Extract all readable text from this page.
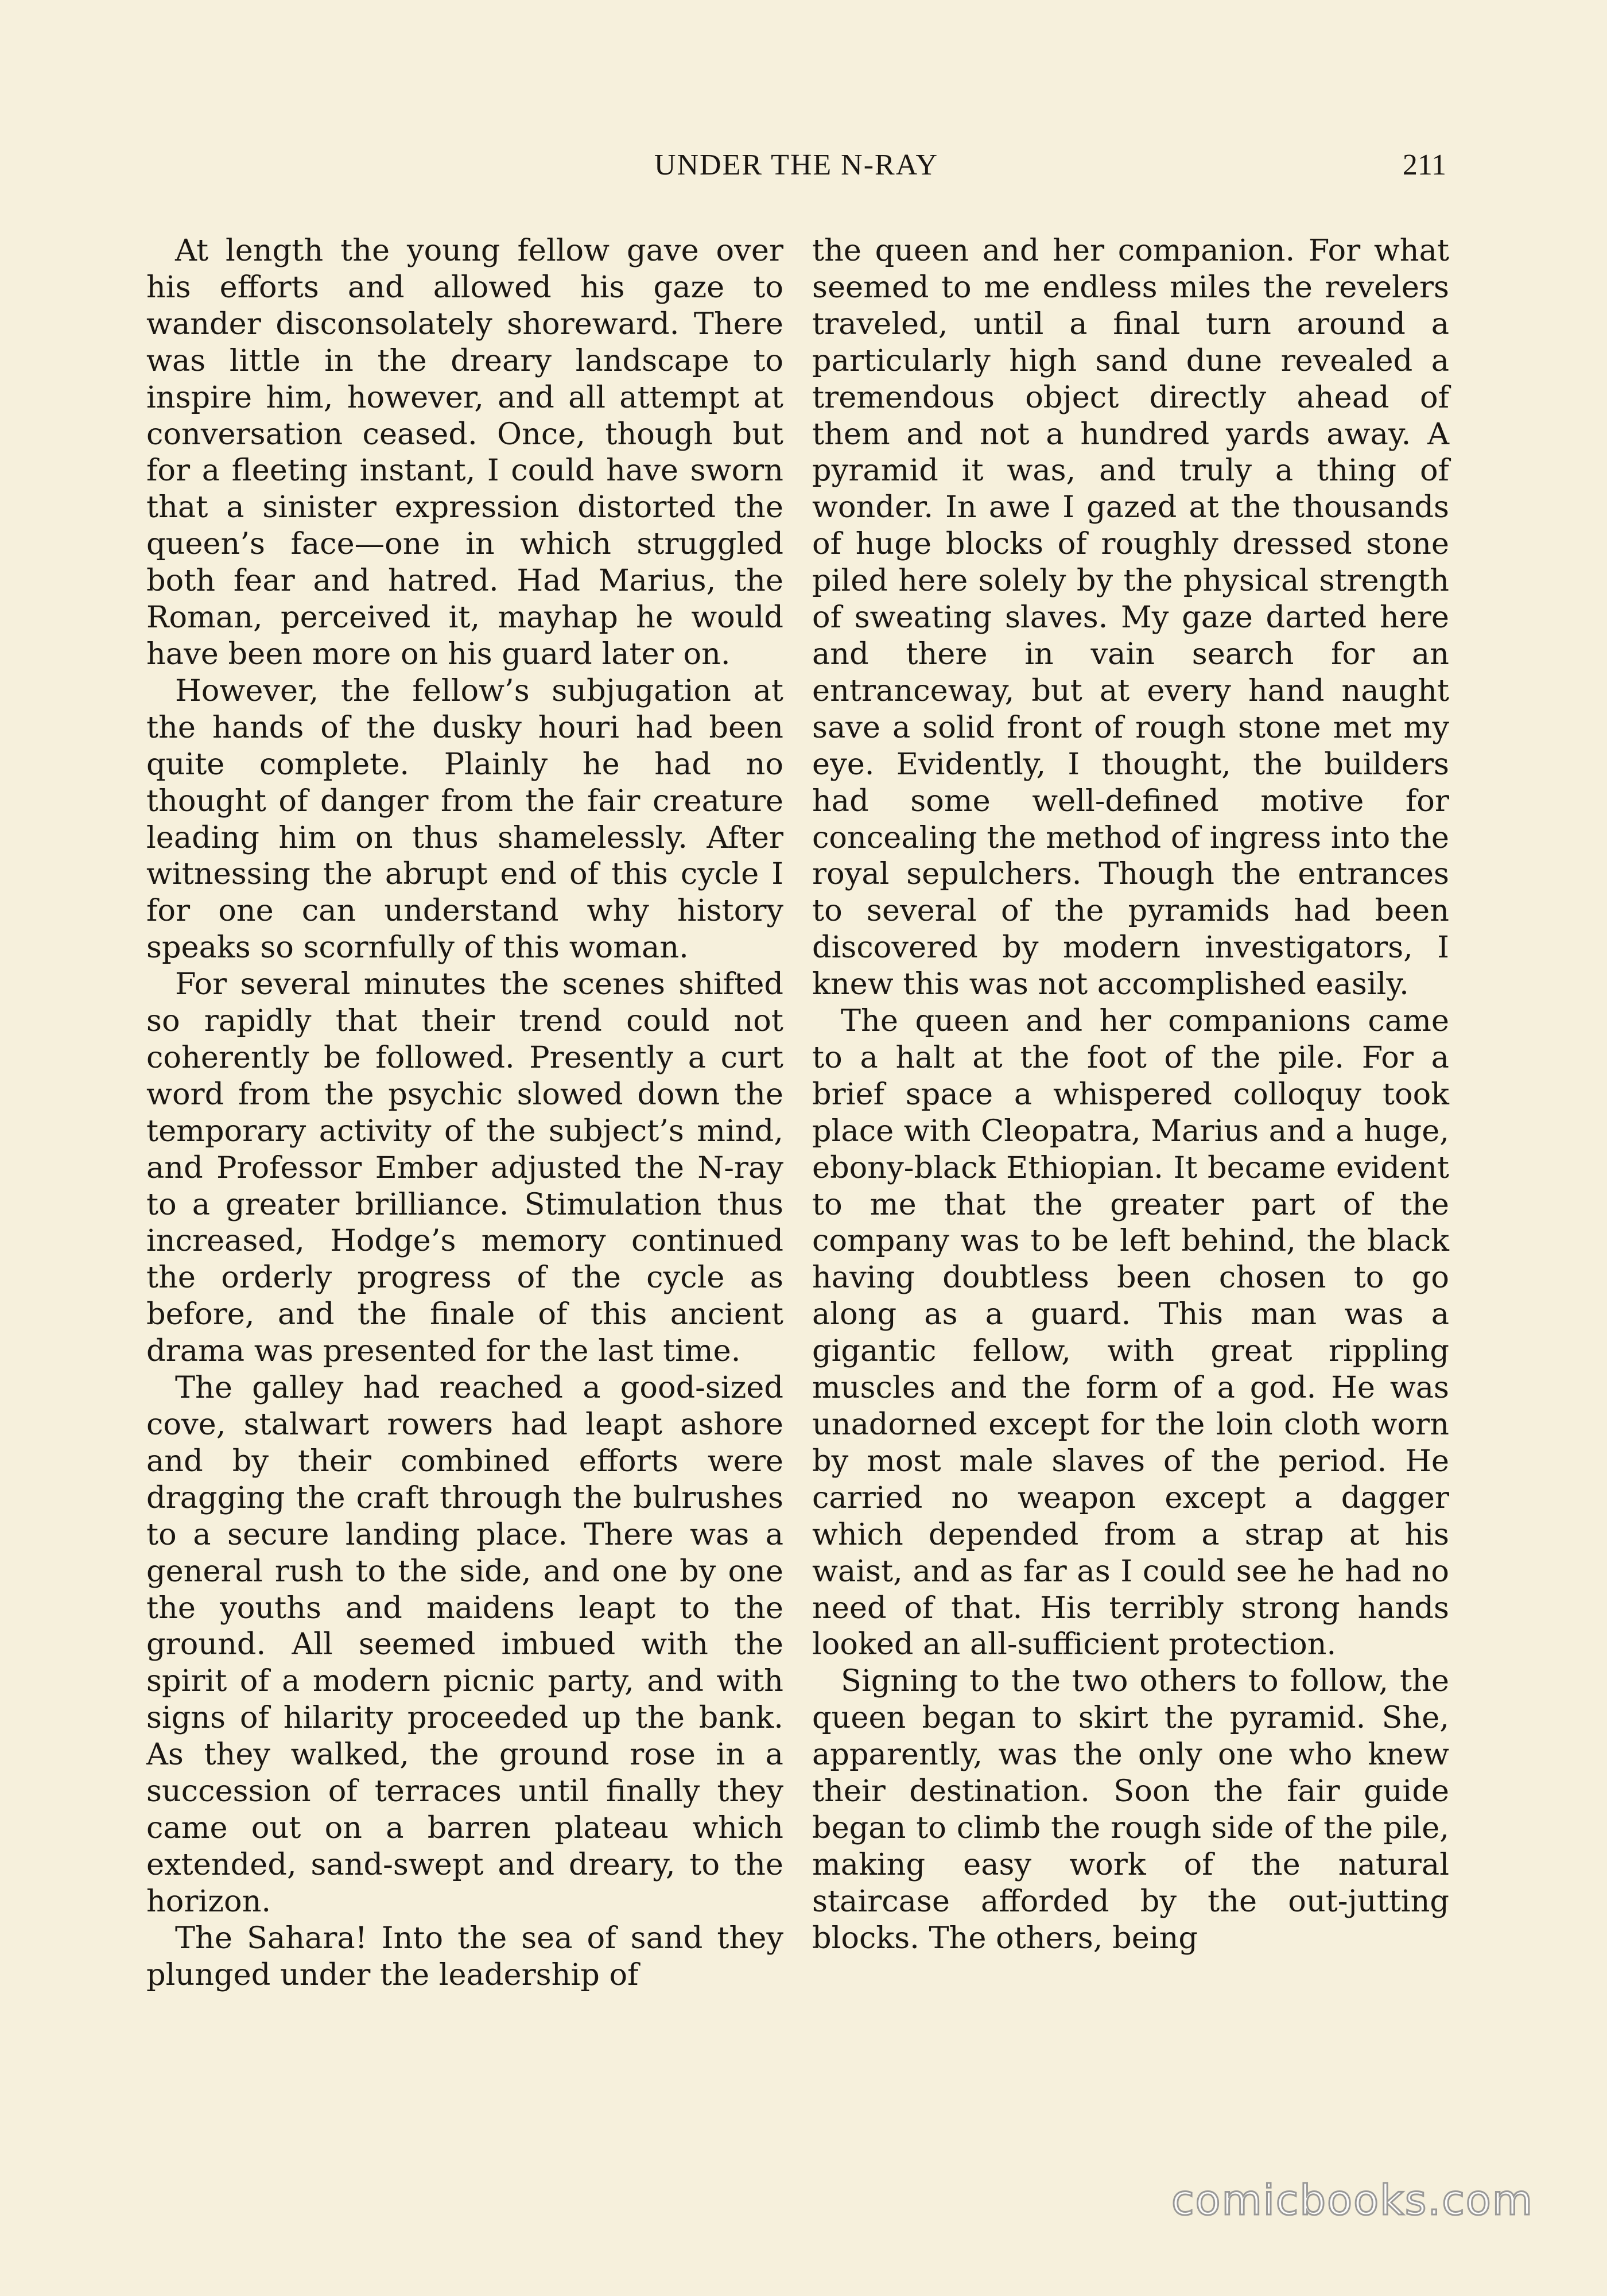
UNDER THE N-RAY	211

At length the young fellow gave over his efforts and allowed his gaze to wander disconsolately shoreward. There was little in the dreary landscape to inspire him, however, and all attempt at conversation ceased. Once, though but for a fleeting instant, I could have sworn that a sinister expression distorted the queen’s face—one in which struggled both fear and hatred. Had Marius, the Roman, perceived it, mayhap he would have been more on his guard later on.

However, the fellow’s subjugation at the hands of the dusky houri had been quite complete. Plainly he had no thought of danger from the fair creature leading him on thus shamelessly. After witnessing the abrupt end of this cycle I for one can understand why history speaks so scornfully of this woman.

For several minutes the scenes shifted so rapidly that their trend could not coherently be followed. Presently a curt word from the psychic slowed down the temporary activity of the subject’s mind, and Professor Ember adjusted the N-ray to a greater brilliance. Stimulation thus increased, Hodge’s memory continued the orderly progress of the cycle as before, and the finale of this ancient drama was presented for the last time.

The galley had reached a good-sized cove, stalwart rowers had leapt ashore and by their combined efforts were dragging the craft through the bulrushes to a secure landing place. There was a general rush to the side, and one by one the youths and maidens leapt to the ground. All seemed imbued with the spirit of a modern picnic party, and with signs of hilarity proceeded up the bank. As they walked, the ground rose in a succession of terraces until finally they came out on a barren plateau which extended, sand-swept and dreary, to the horizon.

The Sahara! Into the sea of sand they plunged under the leadership of

the queen and her companion. For what seemed to me endless miles the revelers traveled, until a final turn around a particularly high sand dune revealed a tremendous object directly ahead of them and not a hundred yards away. A pyramid it was, and truly a thing of wonder. In awe I gazed at the thousands of huge blocks of roughly dressed stone piled here solely by the physical strength of sweating slaves. My gaze darted here and there in vain search for an entranceway, but at every hand naught save a solid front of rough stone met my eye. Evidently, I thought, the builders had some well-defined motive for concealing the method of ingress into the royal sepulchers. Though the entrances to several of the pyramids had been discovered by modern investigators, I knew this was not accomplished easily.

The queen and her companions came to a halt at the foot of the pile. For a brief space a whispered colloquy took place with Cleopatra, Marius and a huge, ebony-black Ethiopian. It became evident to me that the greater part of the company was to be left behind, the black having doubtless been chosen to go along as a guard. This man was a gigantic fellow, with great rippling muscles and the form of a god. He was unadorned except for the loin cloth worn by most male slaves of the period. He carried no weapon except a dagger which depended from a strap at his waist, and as far as I could see he had no need of that. His terribly strong hands looked an all-sufficient protection.

Signing to the two others to follow, the queen began to skirt the pyramid. She, apparently, was the only one who knew their destination. Soon the fair guide began to climb the rough side of the pile, making easy work of the natural staircase afforded by the out-jutting blocks. The others, being

comicbooks.com
